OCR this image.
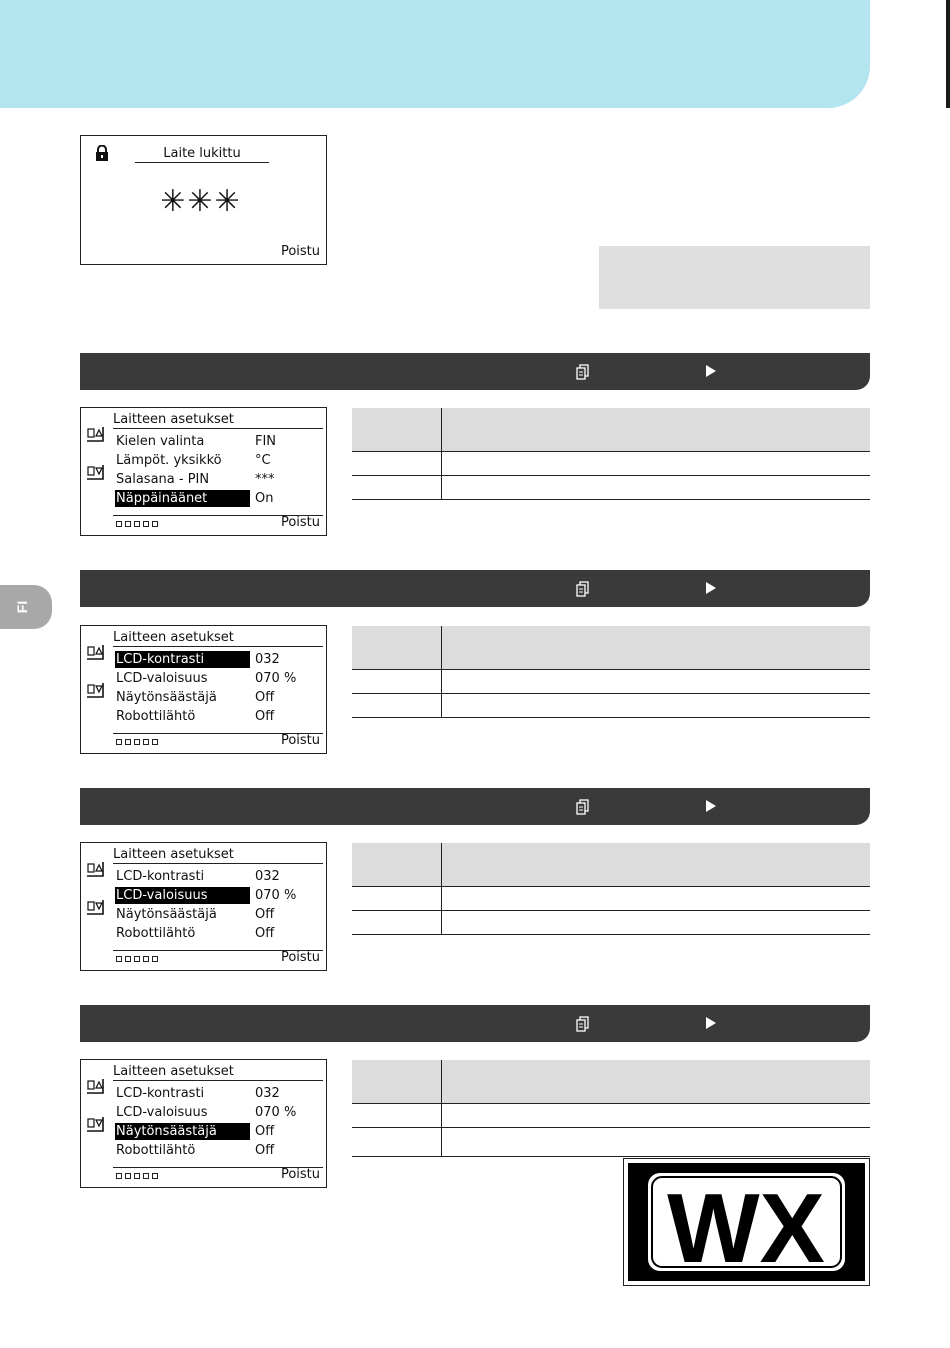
FI
Laite lukittu
✳✳✳
Poistu
Laitteen asetukset
Kielen valinta	FIN
Lämpöt. yksikkö	°C
Salasana - PIN	***
Näppäinäänet	On
Poistu
Laitteen asetukset
LCD-kontrasti	032
LCD-valoisuus	070 %
Näytönsäästäjä	Off
Robottilähtö	Off
Poistu
Laitteen asetukset
LCD-kontrasti	032
LCD-valoisuus	070 %
Näytönsäästäjä	Off
Robottilähtö	Off
Poistu
Laitteen asetukset
LCD-kontrasti	032
LCD-valoisuus	070 %
Näytönsäästäjä	Off
Robottilähtö	Off
Poistu	WX
